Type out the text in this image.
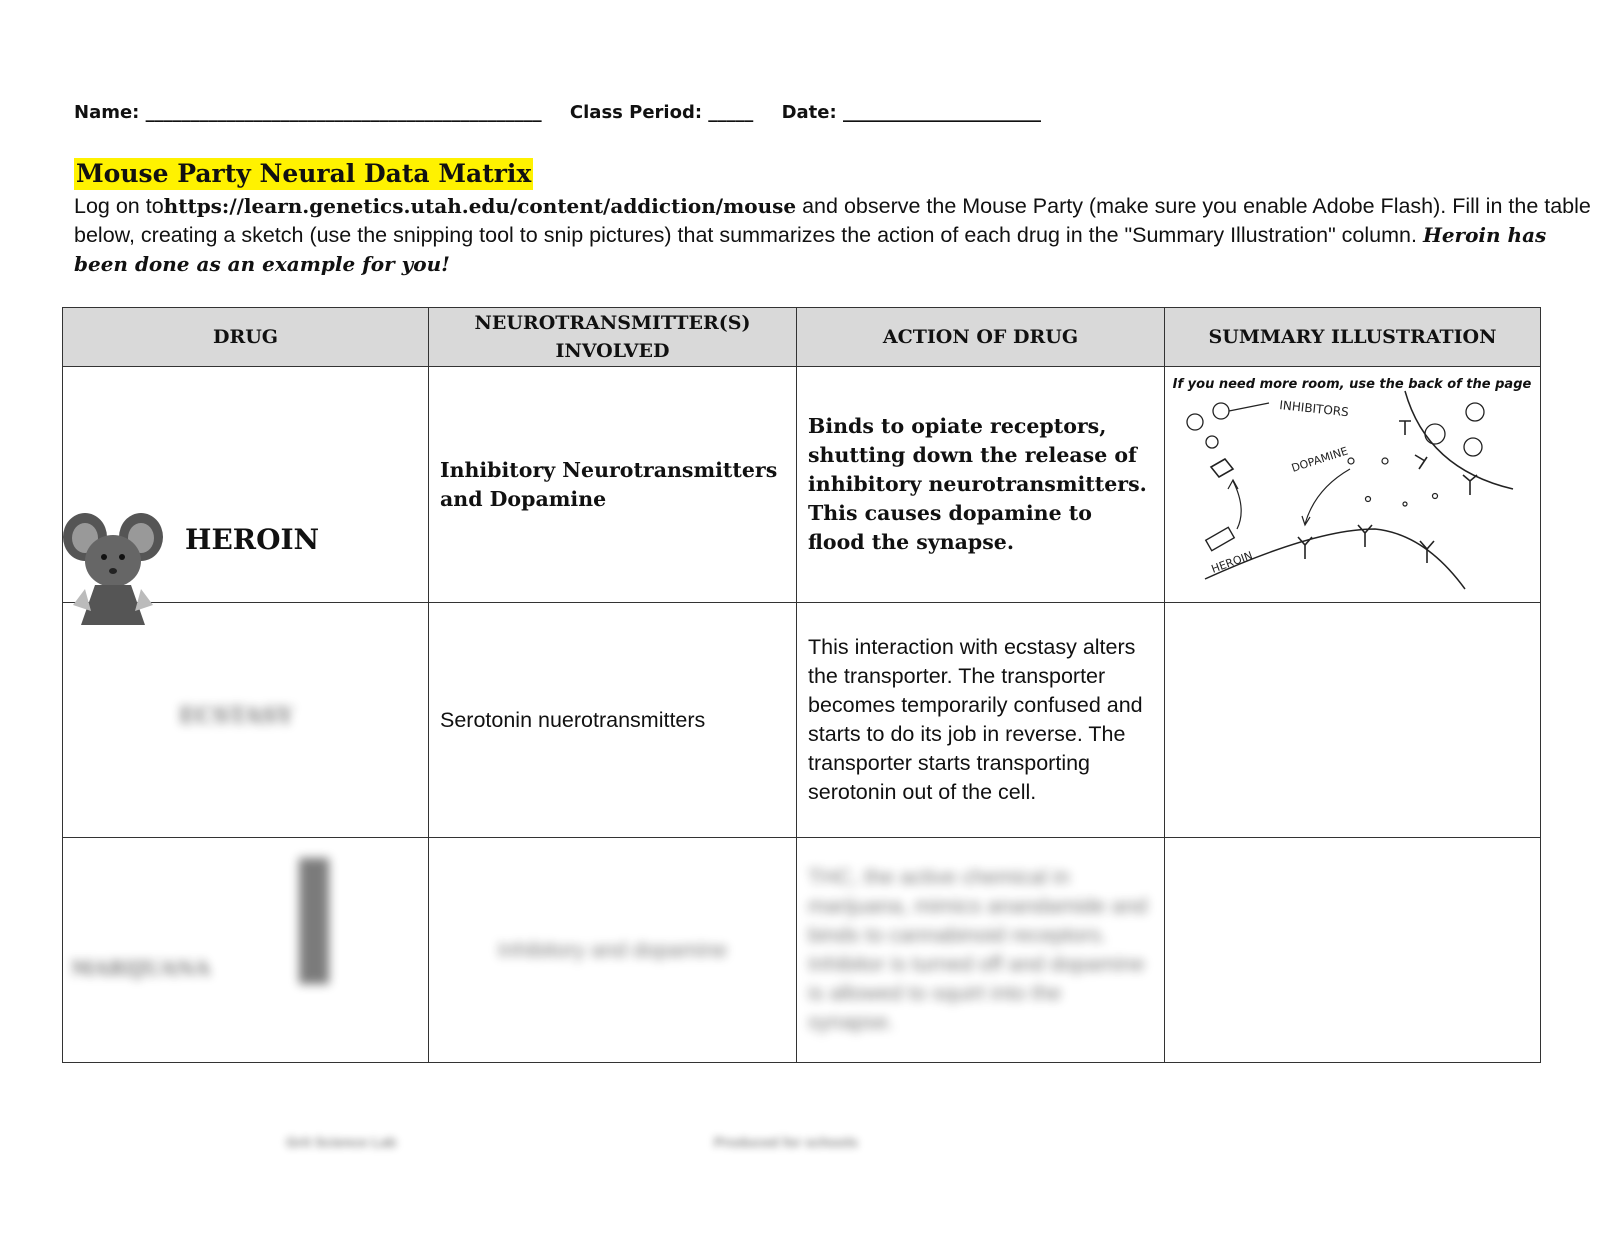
Name: ____________________________________________ Class Period: _____ Date: ______________________
Mouse Party Neural Data Matrix
Log on tohttps://learn.genetics.utah.edu/content/addiction/mouse and observe the Mouse Party (make sure you enable Adobe Flash). Fill in the table below, creating a sketch (use the snipping tool to snip pictures) that summarizes the action of each drug in the "Summary Illustration" column. Heroin has been done as an example for you!
DRUG	NEUROTRANSMITTER(S) INVOLVED	ACTION OF DRUG	SUMMARY ILLUSTRATION

HEROIN	Inhibitory Neurotransmitters and Dopamine	Binds to opiate receptors, shutting down the release of inhibitory neurotransmitters. This causes dopamine to flood the synapse.	If you need more room, use the back of the page
INHIBITORS
DOPAMINE
HEROIN

ECSTASY	Serotonin nuerotransmitters	This interaction with ecstasy alters the transporter. The transporter becomes temporarily confused and starts to do its job in reverse. The transporter starts transporting serotonin out of the cell.	

MARIJUANA	Inhibitory and dopamine	THC, the active chemical in marijuana, mimics anandamide and binds to cannabinoid receptors. Inhibitor is turned off and dopamine is allowed to squirt into the synapse.	
Grit Science Lab	Produced for schools
